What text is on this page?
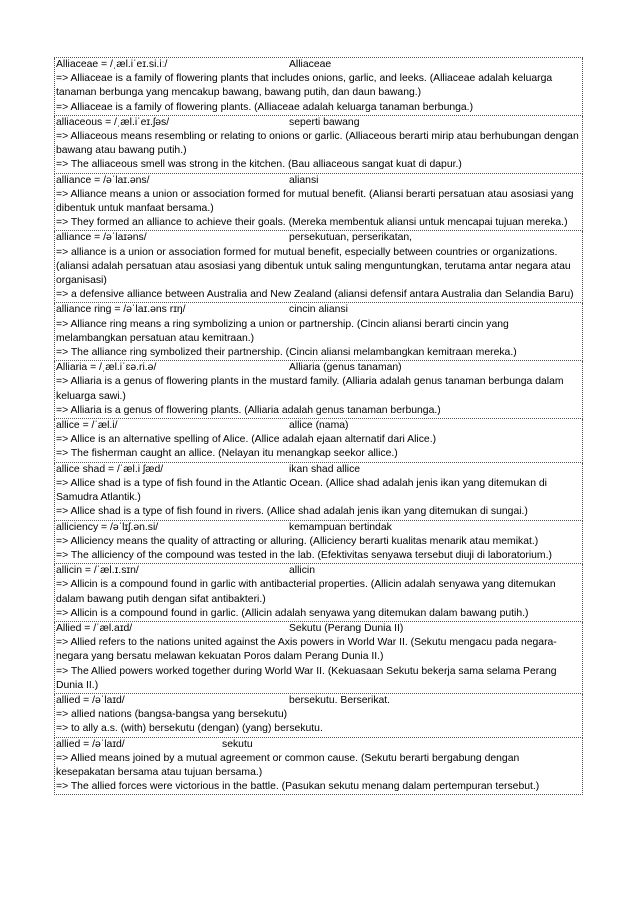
Alliaceae = /ˌæl.iˈeɪ.si.iː/	Alliaceae
=> Alliaceae is a family of flowering plants that includes onions, garlic, and leeks. (Alliaceae adalah keluarga tanaman berbunga yang mencakup bawang, bawang putih, dan daun bawang.)
=> Alliaceae is a family of flowering plants. (Alliaceae adalah keluarga tanaman berbunga.)
alliaceous = /ˌæl.iˈeɪ.ʃəs/	seperti bawang
=> Alliaceous means resembling or relating to onions or garlic. (Alliaceous berarti mirip atau berhubungan dengan bawang atau bawang putih.)
=> The alliaceous smell was strong in the kitchen. (Bau alliaceous sangat kuat di dapur.)
alliance = /əˈlaɪ.əns/	aliansi
=> Alliance means a union or association formed for mutual benefit. (Aliansi berarti persatuan atau asosiasi yang dibentuk untuk manfaat bersama.)
=> They formed an alliance to achieve their goals. (Mereka membentuk aliansi untuk mencapai tujuan mereka.)
alliance = /əˈlaɪəns/	persekutuan, perserikatan,
=> alliance is a union or association formed for mutual benefit, especially between countries or organizations. (aliansi adalah persatuan atau asosiasi yang dibentuk untuk saling menguntungkan, terutama antar negara atau organisasi)
=> a defensive alliance between Australia and New Zealand (aliansi defensif antara Australia dan Selandia Baru)
alliance ring = /əˈlaɪ.əns rɪŋ/	cincin aliansi
=> Alliance ring means a ring symbolizing a union or partnership. (Cincin aliansi berarti cincin yang melambangkan persatuan atau kemitraan.)
=> The alliance ring symbolized their partnership. (Cincin aliansi melambangkan kemitraan mereka.)
Alliaria = /ˌæl.iˈɛə.ri.ə/	Alliaria (genus tanaman)
=> Alliaria is a genus of flowering plants in the mustard family. (Alliaria adalah genus tanaman berbunga dalam keluarga sawi.)
=> Alliaria is a genus of flowering plants. (Alliaria adalah genus tanaman berbunga.)
allice = /ˈæl.i/	allice (nama)
=> Allice is an alternative spelling of Alice. (Allice adalah ejaan alternatif dari Alice.)
=> The fisherman caught an allice. (Nelayan itu menangkap seekor allice.)
allice shad = /ˈæl.i ʃæd/	ikan shad allice
=> Allice shad is a type of fish found in the Atlantic Ocean. (Allice shad adalah jenis ikan yang ditemukan di Samudra Atlantik.)
=> Allice shad is a type of fish found in rivers. (Allice shad adalah jenis ikan yang ditemukan di sungai.)
alliciency = /əˈlɪʃ.ən.si/	kemampuan bertindak
=> Alliciency means the quality of attracting or alluring. (Alliciency berarti kualitas menarik atau memikat.)
=> The alliciency of the compound was tested in the lab. (Efektivitas senyawa tersebut diuji di laboratorium.)
allicin = /ˈæl.ɪ.sɪn/	allicin
=> Allicin is a compound found in garlic with antibacterial properties. (Allicin adalah senyawa yang ditemukan dalam bawang putih dengan sifat antibakteri.)
=> Allicin is a compound found in garlic. (Allicin adalah senyawa yang ditemukan dalam bawang putih.)
Allied = /ˈæl.aɪd/	Sekutu (Perang Dunia II)
=> Allied refers to the nations united against the Axis powers in World War II. (Sekutu mengacu pada negara-negara yang bersatu melawan kekuatan Poros dalam Perang Dunia II.)
=> The Allied powers worked together during World War II. (Kekuasaan Sekutu bekerja sama selama Perang Dunia II.)
allied = /əˈlaɪd/	bersekutu. Berserikat.
=> allied nations (bangsa-bangsa yang bersekutu)
=> to ally a.s. (with) bersekutu (dengan) (yang) bersekutu.
allied = /əˈlaɪd/	sekutu
=> Allied means joined by a mutual agreement or common cause. (Sekutu berarti bergabung dengan kesepakatan bersama atau tujuan bersama.)
=> The allied forces were victorious in the battle. (Pasukan sekutu menang dalam pertempuran tersebut.)
